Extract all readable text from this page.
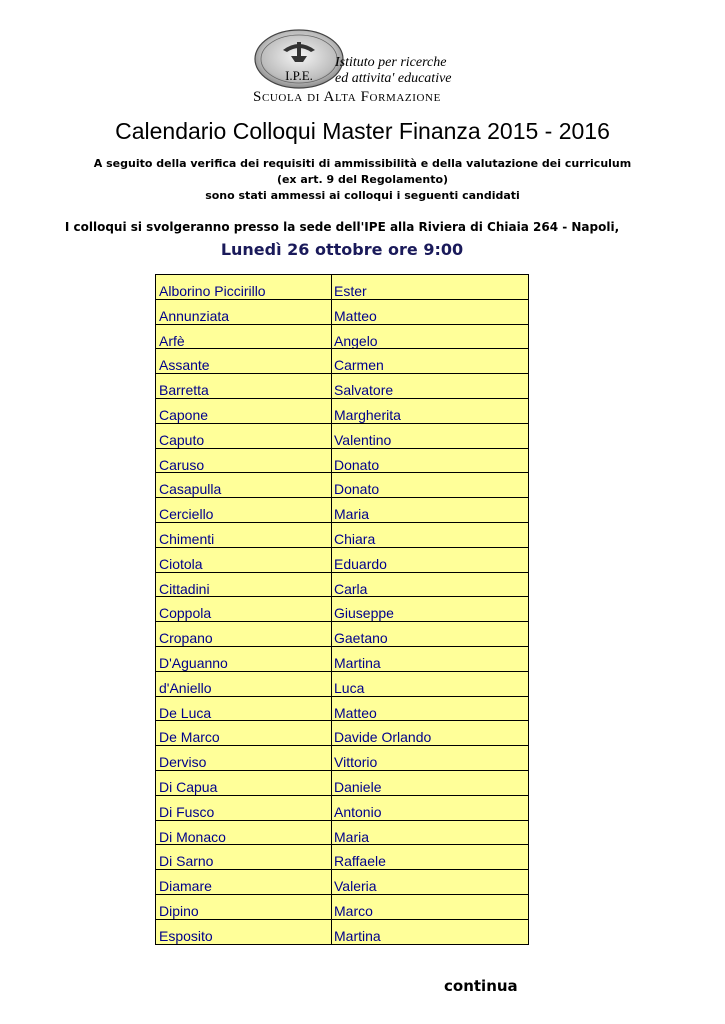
I.P.E.
Istituto per ricerche
ed attivita' educative
Scuola di Alta Formazione
Calendario Colloqui Master Finanza 2015 - 2016
A seguito della verifica dei requisiti di ammissibilità e della valutazione dei curriculum
(ex art. 9 del Regolamento)
sono stati ammessi ai colloqui i seguenti candidati
I colloqui si svolgeranno presso la sede dell'IPE alla Riviera di Chiaia 264 - Napoli,
Lunedì 26 ottobre ore 9:00
Alborino Piccirillo	Ester
Annunziata	Matteo
Arfè	Angelo
Assante	Carmen
Barretta	Salvatore
Capone	Margherita
Caputo	Valentino
Caruso	Donato
Casapulla	Donato
Cerciello	Maria
Chimenti	Chiara
Ciotola	Eduardo
Cittadini	Carla
Coppola	Giuseppe
Cropano	Gaetano
D'Aguanno	Martina
d'Aniello	Luca
De Luca	Matteo
De Marco	Davide Orlando
Derviso	Vittorio
Di Capua	Daniele
Di Fusco	Antonio
Di Monaco	Maria
Di Sarno	Raffaele
Diamare	Valeria
Dipino	Marco
Esposito	Martina
continua
